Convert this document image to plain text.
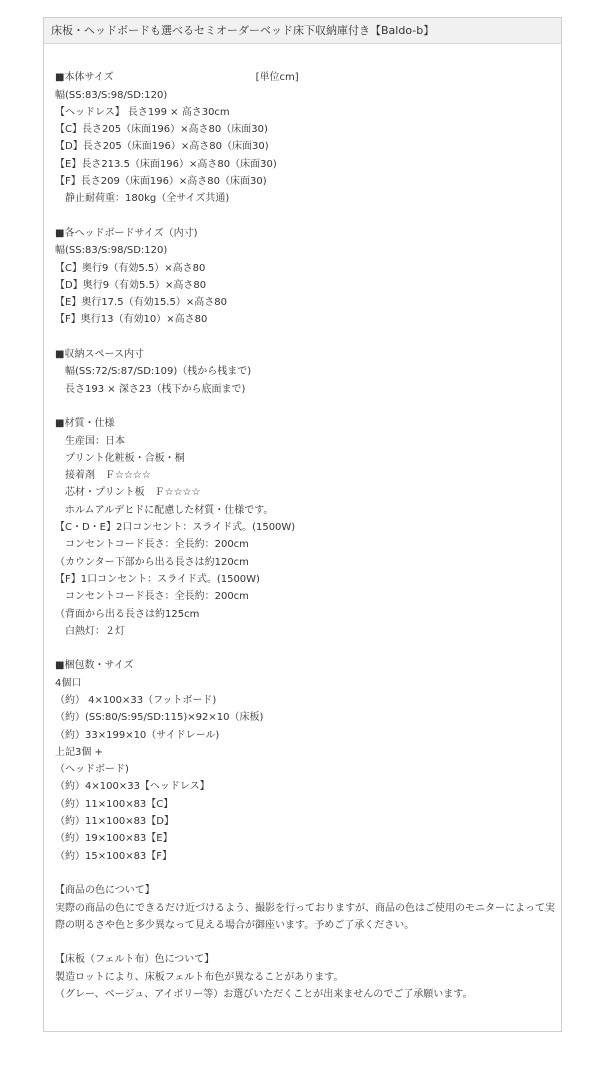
床板・ヘッドボードも選べるセミオーダーベッド床下収納庫付き【Baldo-b】
■本体サイズ	[単位cm]
幅(SS:83/S:98/SD:120)
【ヘッドレス】 長さ199 × 高さ30cm
【C】長さ205（床面196）×高さ80（床面30)
【D】長さ205（床面196）×高さ80（床面30)
【E】長さ213.5（床面196）×高さ80（床面30)
【F】長さ209（床面196）×高さ80（床面30)
　静止耐荷重：180kg（全サイズ共通)
■各ヘッドボードサイズ（内寸)
幅(SS:83/S:98/SD:120)
【C】奥行9（有効5.5）×高さ80
【D】奥行9（有効5.5）×高さ80
【E】奥行17.5（有効15.5）×高さ80
【F】奥行13（有効10）×高さ80
■収納スペース内寸
　幅(SS:72/S:87/SD:109)（桟から桟まで)
　長さ193 × 深さ23（桟下から底面まで)
■材質・仕様
　生産国：日本
　プリント化粧板・合板・桐
　接着剤　Ｆ☆☆☆☆
　芯材・プリント板　Ｆ☆☆☆☆
　ホルムアルデヒドに配慮した材質・仕様です。
【C・D・E】2口コンセント：スライド式。(1500W)
　コンセントコード長さ：全長約：200cm
（カウンター下部から出る長さは約120cm
【F】1口コンセント：スライド式。(1500W)
　コンセントコード長さ：全長約：200cm
（背面から出る長さは約125cm
　白熱灯：２灯
■梱包数・サイズ
4個口
（約） 4×100×33（フットボード)
（約）(SS:80/S:95/SD:115)×92×10（床板)
（約）33×199×10（サイドレール)
上記3個 +
（ヘッドボード)
（約）4×100×33【ヘッドレス】
（約）11×100×83【C】
（約）11×100×83【D】
（約）19×100×83【E】
（約）15×100×83【F】
【商品の色について】
実際の商品の色にできるだけ近づけるよう、撮影を行っておりますが、商品の色はご使用のモニターによって実際の明るさや色と多少異なって見える場合が御座います。予めご了承ください。
【床板（フェルト布）色について】
製造ロットにより、床板フェルト布色が異なることがあります。
（グレー、ベージュ、アイボリー等）お選びいただくことが出来ませんのでご了承願います。
